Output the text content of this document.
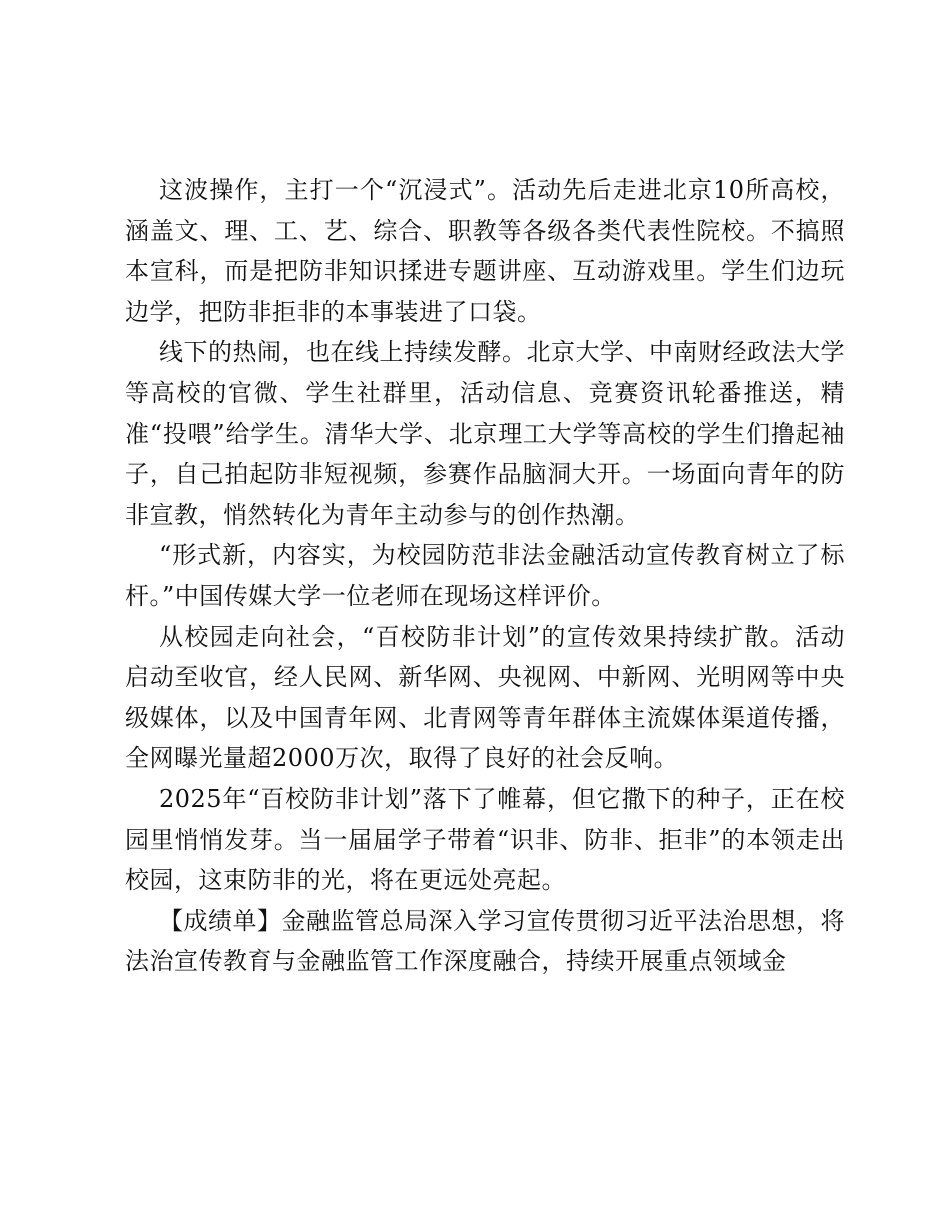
这波操作，主打一个“沉浸式”。活动先后走进北京10所高校，涵盖文、理、工、艺、综合、职教等各级各类代表性院校。不搞照本宣科，而是把防非知识揉进专题讲座、互动游戏里。学生们边玩边学，把防非拒非的本事装进了口袋。

线下的热闹，也在线上持续发酵。北京大学、中南财经政法大学等高校的官微、学生社群里，活动信息、竞赛资讯轮番推送，精准“投喂”给学生。清华大学、北京理工大学等高校的学生们撸起袖子，自己拍起防非短视频，参赛作品脑洞大开。一场面向青年的防非宣教，悄然转化为青年主动参与的创作热潮。

“形式新，内容实，为校园防范非法金融活动宣传教育树立了标杆。”中国传媒大学一位老师在现场这样评价。

从校园走向社会，“百校防非计划”的宣传效果持续扩散。活动启动至收官，经人民网、新华网、央视网、中新网、光明网等中央级媒体，以及中国青年网、北青网等青年群体主流媒体渠道传播，全网曝光量超2000万次，取得了良好的社会反响。

2025年“百校防非计划”落下了帷幕，但它撒下的种子，正在校园里悄悄发芽。当一届届学子带着“识非、防非、拒非”的本领走出校园，这束防非的光，将在更远处亮起。

【成绩单】金融监管总局深入学习宣传贯彻习近平法治思想，将法治宣传教育与金融监管工作深度融合，持续开展重点领域金
